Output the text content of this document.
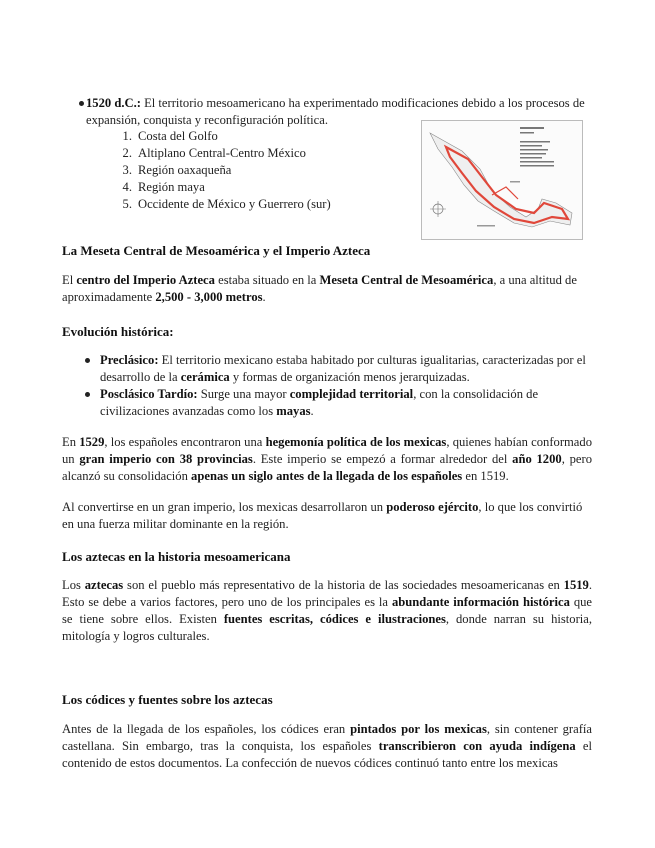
1520 d.C.: El territorio mesoamericano ha experimentado modificaciones debido a los procesos de expansión, conquista y reconfiguración política.
1. Costa del Golfo
2. Altiplano Central-Centro México
3. Región oaxaqueña
4. Región maya
5. Occidente de México y Guerrero (sur)
La Meseta Central de Mesoamérica y el Imperio Azteca
El centro del Imperio Azteca estaba situado en la Meseta Central de Mesoamérica, a una altitud de aproximadamente 2,500 - 3,000 metros.
Evolución histórica:
Preclásico: El territorio mexicano estaba habitado por culturas igualitarias, caracterizadas por el desarrollo de la cerámica y formas de organización menos jerarquizadas.
Posclásico Tardío: Surge una mayor complejidad territorial, con la consolidación de civilizaciones avanzadas como los mayas.
En 1529, los españoles encontraron una hegemonía política de los mexicas, quienes habían conformado un gran imperio con 38 provincias. Este imperio se empezó a formar alrededor del año 1200, pero alcanzó su consolidación apenas un siglo antes de la llegada de los españoles en 1519.
Al convertirse en un gran imperio, los mexicas desarrollaron un poderoso ejército, lo que los convirtió en una fuerza militar dominante en la región.
Los aztecas en la historia mesoamericana
Los aztecas son el pueblo más representativo de la historia de las sociedades mesoamericanas en 1519. Esto se debe a varios factores, pero uno de los principales es la abundante información histórica que se tiene sobre ellos. Existen fuentes escritas, códices e ilustraciones, donde narran su historia, mitología y logros culturales.
Los códices y fuentes sobre los aztecas
Antes de la llegada de los españoles, los códices eran pintados por los mexicas, sin contener grafía castellana. Sin embargo, tras la conquista, los españoles transcribieron con ayuda indígena el contenido de estos documentos. La confección de nuevos códices continuó tanto entre los mexicas
